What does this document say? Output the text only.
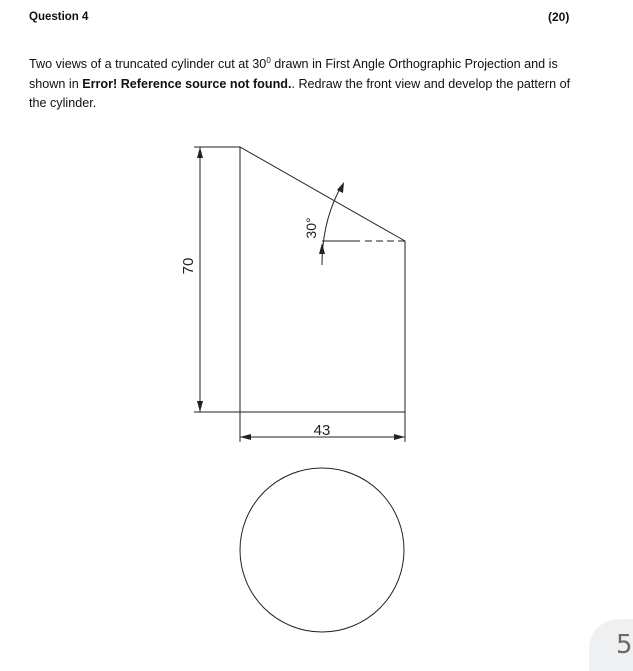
Question 4	(20)
Two views of a truncated cylinder cut at $30^0$ drawn in First Angle Orthographic Projection and is shown in Error! Reference source not found.. Redraw the front view and develop the pattern of the cylinder.
70
43
30°
5
